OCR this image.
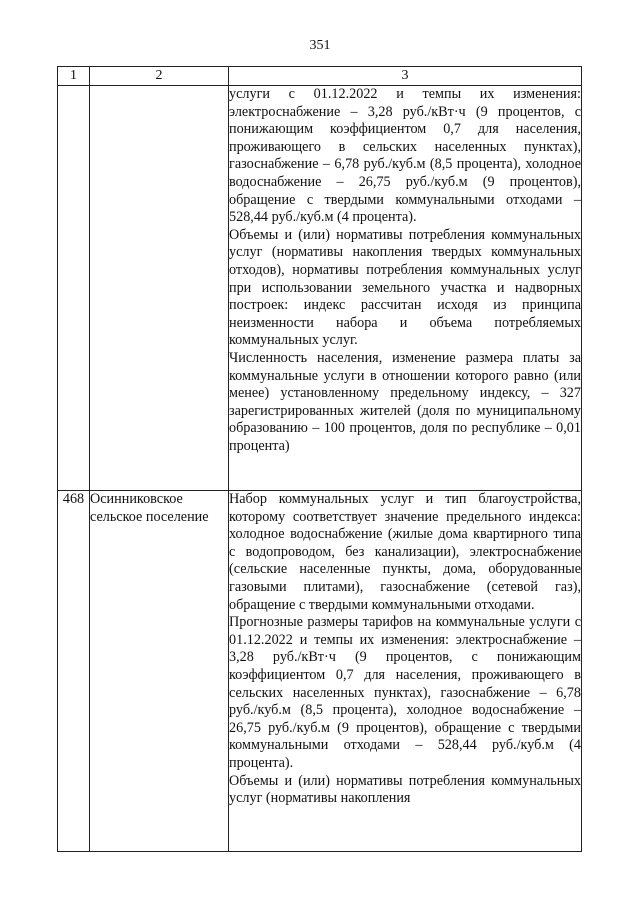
351
1	2	3

		услуги с 01.12.2022 и темпы их изменения: электроснабжение – 3,28 руб./кВт·ч (9 процентов, с понижающим коэффициентом 0,7 для населения, проживающего в сельских населенных пунктах), газоснабжение – 6,78 руб./куб.м (8,5 процента), холодное водоснабжение – 26,75 руб./куб.м (9 процентов), обращение с твердыми коммунальными отходами – 528,44 руб./куб.м (4 процента).

Объемы и (или) нормативы потребления коммунальных услуг (нормативы накопления твердых коммунальных отходов), нормативы потребления коммунальных услуг при использовании земельного участка и надворных построек: индекс рассчитан исходя из принципа неизменности набора и объема потребляемых коммунальных услуг.

Численность населения, изменение размера платы за коммунальные услуги в отношении которого равно (или менее) установленному предельному индексу, – 327 зарегистрированных жителей (доля по муниципальному образованию – 100 процентов, доля по республике – 0,01 процента)

468	Осинниковское сельское поселение	Набор коммунальных услуг и тип благоустройства, которому соответствует значение предельного индекса: холодное водоснабжение (жилые дома квартирного типа с водопроводом, без канализации), электроснабжение (сельские населенные пункты, дома, оборудованные газовыми плитами), газоснабжение (сетевой газ), обращение с твердыми коммунальными отходами.

Прогнозные размеры тарифов на коммунальные услуги с 01.12.2022 и темпы их изменения: электроснабжение – 3,28 руб./кВт·ч (9 процентов, с понижающим коэффициентом 0,7 для населения, проживающего в сельских населенных пунктах), газоснабжение – 6,78 руб./куб.м (8,5 процента), холодное водоснабжение – 26,75 руб./куб.м (9 процентов), обращение с твердыми коммунальными отходами – 528,44 руб./куб.м (4 процента).

Объемы и (или) нормативы потребления коммунальных услуг (нормативы накопления
